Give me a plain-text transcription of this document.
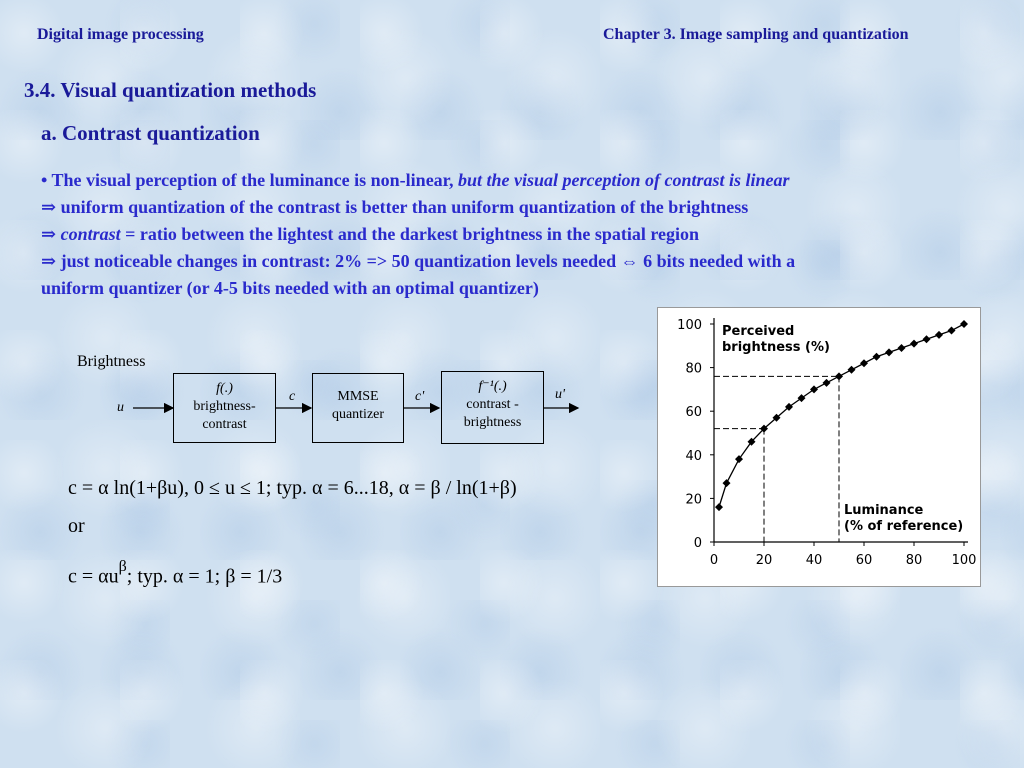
Digital image processing	Chapter 3. Image sampling and quantization
3.4. Visual quantization methods
a. Contrast quantization
• The visual perception of the luminance is non-linear, but the visual perception of contrast is linear
⇒ uniform quantization of the contrast is better than uniform quantization of the brightness
⇒ contrast = ratio between the lightest and the darkest brightness in the spatial region
⇒ just noticeable changes in contrast: 2% => 50 quantization levels needed ⇔ 6 bits needed with a
uniform quantizer (or 4-5 bits needed with an optimal quantizer)
Brightness
u
f(.)
brightness-
contrast
c	MMSE
quantizer
c'
f⁻¹(.)
contrast -
brightness
u'
c = α ln(1+βu), 0 ≤ u ≤ 1; typ. α = 6...18, α = β / ln(1+β)
or
$c = \alpha u^\beta$; typ. α = 1; β = 1/3
0
20
40
60
80
100
0	20	40	60	80 100
Perceived
brightness (%)
Luminance
(% of reference)
